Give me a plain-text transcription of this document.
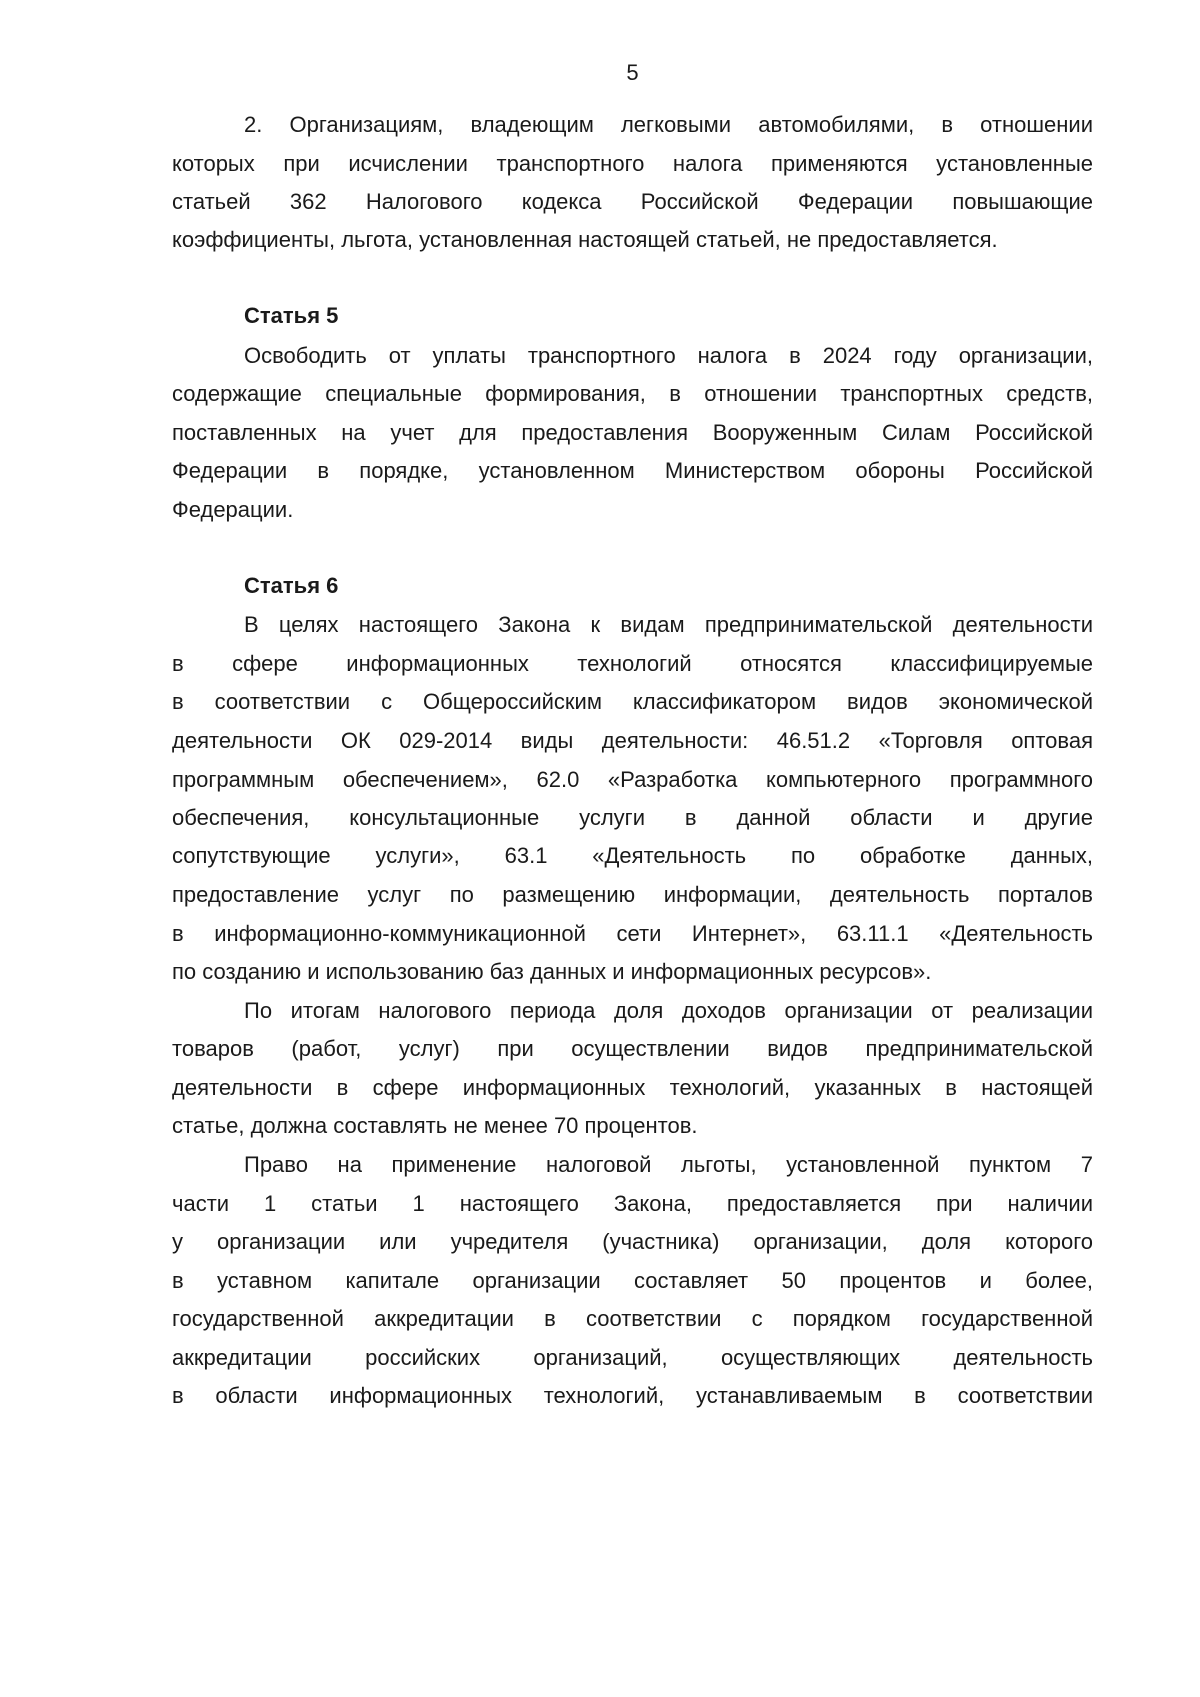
5
2. Организациям, владеющим легковыми автомобилями, в отношении
которых при исчислении транспортного налога применяются установленные
статьей 362 Налогового кодекса Российской Федерации повышающие
коэффициенты, льгота, установленная настоящей статьей, не предоставляется.
Статья 5
Освободить от уплаты транспортного налога в 2024 году организации,
содержащие специальные формирования, в отношении транспортных средств,
поставленных на учет для предоставления Вооруженным Силам Российской
Федерации в порядке, установленном Министерством обороны Российской
Федерации.
Статья 6
В целях настоящего Закона к видам предпринимательской деятельности
в сфере информационных технологий относятся классифицируемые
в соответствии с Общероссийским классификатором видов экономической
деятельности ОК 029-2014 виды деятельности: 46.51.2 «Торговля оптовая
программным обеспечением», 62.0 «Разработка компьютерного программного
обеспечения, консультационные услуги в данной области и другие
сопутствующие услуги», 63.1 «Деятельность по обработке данных,
предоставление услуг по размещению информации, деятельность порталов
в информационно-коммуникационной сети Интернет», 63.11.1 «Деятельность
по созданию и использованию баз данных и информационных ресурсов».
По итогам налогового периода доля доходов организации от реализации
товаров (работ, услуг) при осуществлении видов предпринимательской
деятельности в сфере информационных технологий, указанных в настоящей
статье, должна составлять не менее 70 процентов.
Право на применение налоговой льготы, установленной пунктом 7
части 1 статьи 1 настоящего Закона, предоставляется при наличии
у организации или учредителя (участника) организации, доля которого
в уставном капитале организации составляет 50 процентов и более,
государственной аккредитации в соответствии с порядком государственной
аккредитации российских организаций, осуществляющих деятельность
в области информационных технологий, устанавливаемым в соответствии
